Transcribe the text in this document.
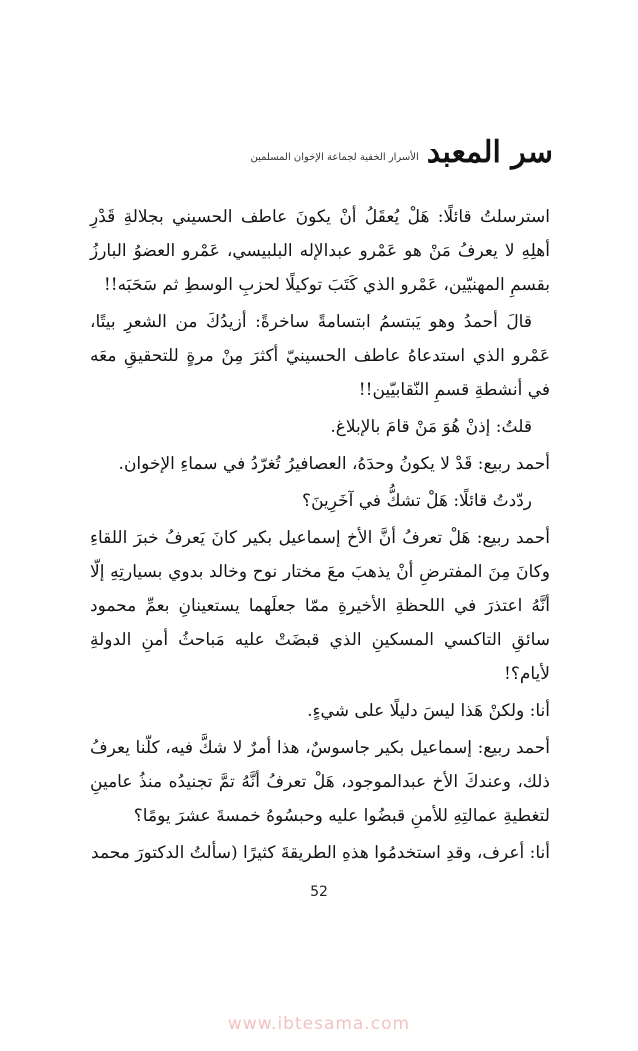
سر المعبد
الأسرار الخفية لجماعة الإخوان المسلمين

استرسلتُ قائلًا: هَلْ يُعقَلُ أنْ يكونَ عاطف الحسيني بجلالةِ قَدْرِ أهلِهِ لا يعرفُ مَنْ هو عَمْرو عبدالإله البلبيسي، عَمْرو العضوُ البارزُ بقسمِ المهنيّين، عَمْرو الذي كَتَبَ توكيلًا لحزبِ الوسطِ ثم سَحَبَه!!

قالَ أحمدُ وهو يَبتسمُ ابتسامةً ساخرةً: أزيدُكَ من الشعرِ بيتًا، عَمْرو الذي استدعاهُ عاطف الحسينيّ أكثرَ مِنْ مرةٍ للتحقيقِ معَه في أنشطةِ قسمِ النّقابيّين!!

قلتُ: إذنْ هُوَ مَنْ قامَ بالإبلاغ.

أحمد ربيع: قَدْ لا يكونُ وحدَهُ، العصافيرُ تُغرّدُ في سماءِ الإخوان.

ردّدتُ قائلًا: هَلْ تشكُّ في آخَرِينَ؟

أحمد ربيع: هَلْ تعرفُ أنَّ الأخ إسماعيل بكير كانَ يَعرفُ خبرَ اللقاءِ وكانَ مِنَ المفترضِ أنْ يذهبَ معَ مختار نوح وخالد بدوي بسيارتِهِ إلّا أنَّهُ اعتذرَ في اللحظةِ الأخيرةِ ممّا جعلَهما يستعينانِ بعمِّ محمود سائقِ التاكسي المسكينِ الذي قبضَتْ عليه مَباحثُ أمنِ الدولةِ لأيام؟!

أنا: ولكنْ هَذا ليسَ دليلًا على شيءٍ.

أحمد ربيع: إسماعيل بكير جاسوسٌ، هذا أمرٌ لا شكَّ فيه، كلّنا يعرفُ ذلك، وعندكَ الأخ عبدالموجود، هَلْ تعرفُ أنَّهُ تمَّ تجنيدُه منذُ عامينِ لتغطيةِ عمالتِهِ للأمنِ قبضُوا عليه وحبسُوهُ خمسةَ عشرَ يومًا؟

أنا: أعرف، وقدِ استخدمُوا هذهِ الطريقةَ كثيرًا (سألتُ الدكتورَ محمد

52
www.ibtesama.com
